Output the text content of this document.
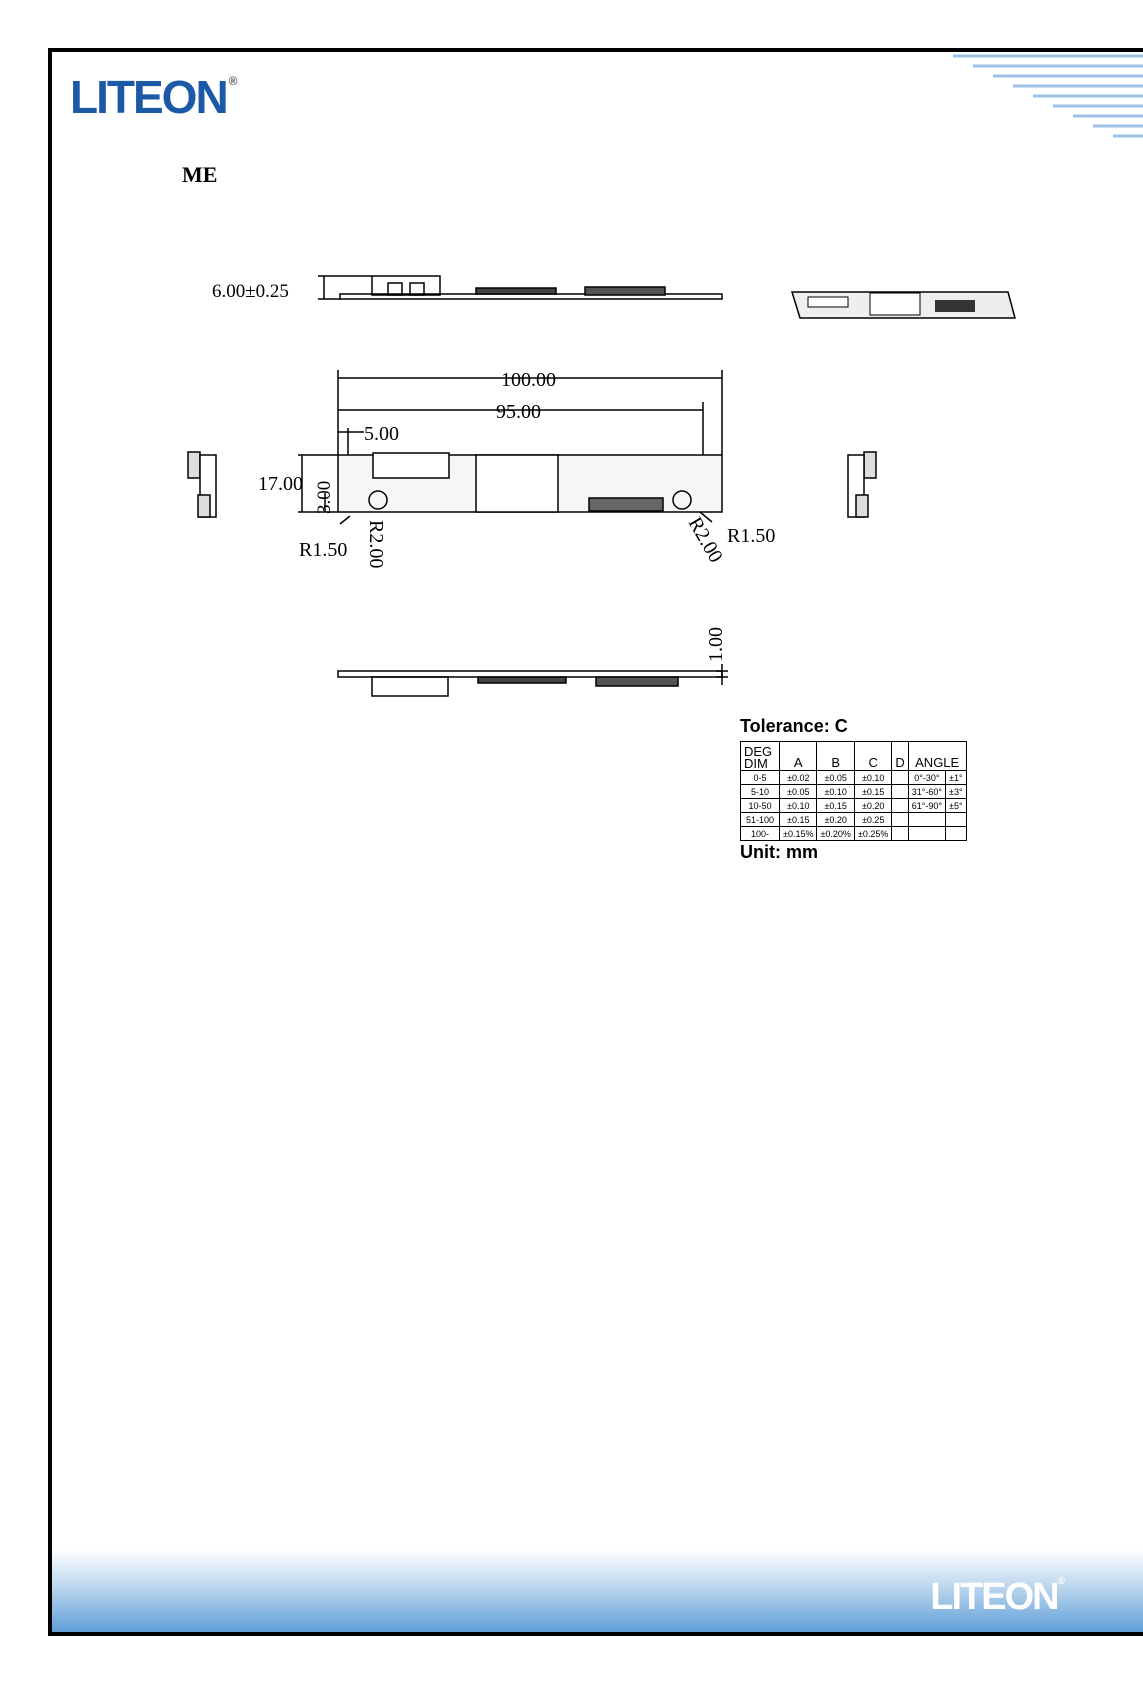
LITEON ®
ME
6.00±0.25
100.00
95.00
5.00
17.00 3.00
R1.50 R2.00	R2.00 R1.50
1.00
Tolerance: C
DEG
DIM	A	B	C	D	ANGLE	
0-5	±0.02	±0.05	±0.10		0°-30°	±1°
5-10	±0.05	±0.10	±0.15		31°-60°	±3°
10-50	±0.10	±0.15	±0.20		61°-90°	±5°
51-100	±0.15	±0.20	±0.25			
100-	±0.15%	±0.20%	±0.25%			
Unit: mm
LITEON®
